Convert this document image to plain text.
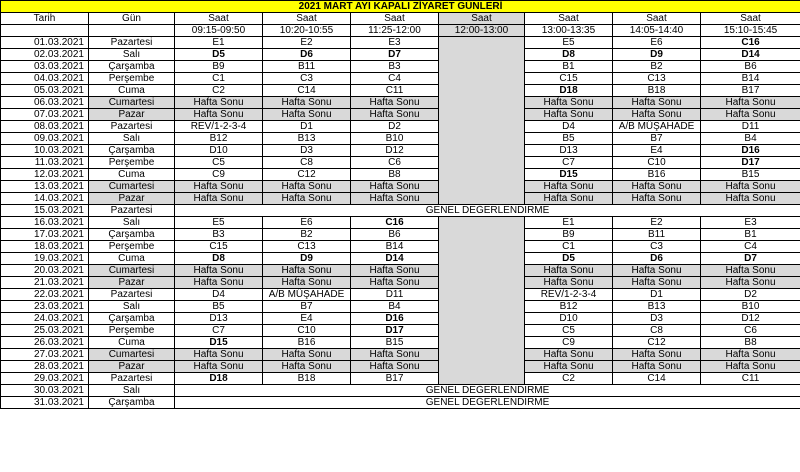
2021 MART AYI KAPALI ZİYARET GÜNLERİ								
Tarih	Gün	Saat	Saat	Saat	Saat	Saat	Saat	Saat
		09:15-09:50	10:20-10:55	11:25-12:00	12:00-13:00	13:00-13:35	14:05-14:40	15:10-15:45
01.03.2021	Pazartesi	E1	E2	E3		E5	E6	C16
02.03.2021	Salı	D5	D6	D7		D8	D9	D14
03.03.2021	Çarşamba	B9	B11	B3		B1	B2	B6
04.03.2021	Perşembe	C1	C3	C4		C15	C13	B14
05.03.2021	Cuma	C2	C14	C11		D18	B18	B17
06.03.2021	Cumartesi	Hafta Sonu	Hafta Sonu	Hafta Sonu		Hafta Sonu	Hafta Sonu	Hafta Sonu
07.03.2021	Pazar	Hafta Sonu	Hafta Sonu	Hafta Sonu		Hafta Sonu	Hafta Sonu	Hafta Sonu
08.03.2021	Pazartesi	REV/1-2-3-4	D1	D2		D4	A/B MÜŞAHADE	D11
09.03.2021	Salı	B12	B13	B10		B5	B7	B4
10.03.2021	Çarşamba	D10	D3	D12		D13	E4	D16
11.03.2021	Perşembe	C5	C8	C6		C7	C10	D17
12.03.2021	Cuma	C9	C12	B8		D15	B16	B15
13.03.2021	Cumartesi	Hafta Sonu	Hafta Sonu	Hafta Sonu		Hafta Sonu	Hafta Sonu	Hafta Sonu
14.03.2021	Pazar	Hafta Sonu	Hafta Sonu	Hafta Sonu		Hafta Sonu	Hafta Sonu	Hafta Sonu
15.03.2021	Pazartesi	GENEL DEĞERLENDİRME						
16.03.2021	Salı	E5	E6	C16		E1	E2	E3
17.03.2021	Çarşamba	B3	B2	B6		B9	B11	B1
18.03.2021	Perşembe	C15	C13	B14		C1	C3	C4
19.03.2021	Cuma	D8	D9	D14		D5	D6	D7
20.03.2021	Cumartesi	Hafta Sonu	Hafta Sonu	Hafta Sonu		Hafta Sonu	Hafta Sonu	Hafta Sonu
21.03.2021	Pazar	Hafta Sonu	Hafta Sonu	Hafta Sonu		Hafta Sonu	Hafta Sonu	Hafta Sonu
22.03.2021	Pazartesi	D4	A/B MÜŞAHADE	D11		REV/1-2-3-4	D1	D2
23.03.2021	Salı	B5	B7	B4		B12	B13	B10
24.03.2021	Çarşamba	D13	E4	D16		D10	D3	D12
25.03.2021	Perşembe	C7	C10	D17		C5	C8	C6
26.03.2021	Cuma	D15	B16	B15		C9	C12	B8
27.03.2021	Cumartesi	Hafta Sonu	Hafta Sonu	Hafta Sonu		Hafta Sonu	Hafta Sonu	Hafta Sonu
28.03.2021	Pazar	Hafta Sonu	Hafta Sonu	Hafta Sonu		Hafta Sonu	Hafta Sonu	Hafta Sonu
29.03.2021	Pazartesi	D18	B18	B17		C2	C14	C11
30.03.2021	Salı	GENEL DEĞERLENDİRME						
31.03.2021	Çarşamba	GENEL DEĞERLENDİRME						
